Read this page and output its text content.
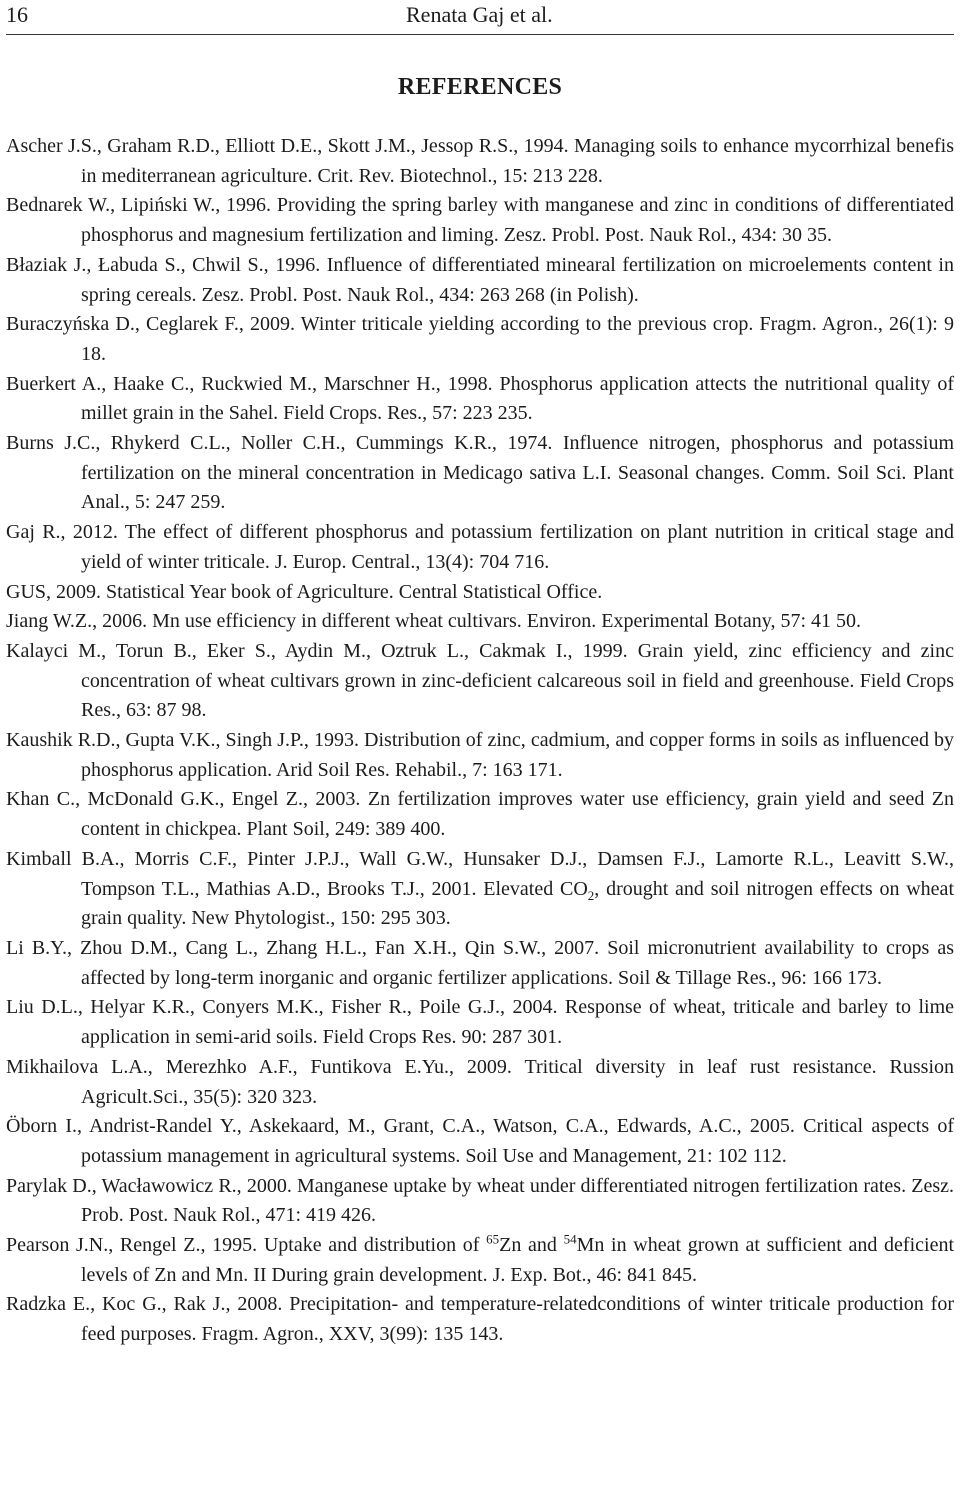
16	Renata Gaj et al.
REFERENCES

Ascher J.S., Graham R.D., Elliott D.E., Skott J.M., Jessop R.S., 1994. Managing soils to enhance mycorrhizal benefis in mediterranean agriculture. Crit. Rev. Biotechnol., 15: 213 228.

Bednarek W., Lipiński W., 1996. Providing the spring barley with manganese and zinc in conditions of differentiated phosphorus and magnesium fertilization and liming. Zesz. Probl. Post. Nauk Rol., 434: 30 35.

Błaziak J., Łabuda S., Chwil S., 1996. Influence of differentiated minearal fertilization on microelements content in spring cereals. Zesz. Probl. Post. Nauk Rol., 434: 263 268 (in Polish).

Buraczyńska D., Ceglarek F., 2009. Winter triticale yielding according to the previous crop. Fragm. Agron., 26(1): 9 18.

Buerkert A., Haake C., Ruckwied M., Marschner H., 1998. Phosphorus application attects the nutritional quality of millet grain in the Sahel. Field Crops. Res., 57: 223 235.

Burns J.C., Rhykerd C.L., Noller C.H., Cummings K.R., 1974. Influence nitrogen, phosphorus and potassium fertilization on the mineral concentration in Medicago sativa L.I. Seasonal changes. Comm. Soil Sci. Plant Anal., 5: 247 259.

Gaj R., 2012. The effect of different phosphorus and potassium fertilization on plant nutrition in critical stage and yield of winter triticale. J. Europ. Central., 13(4): 704 716.

GUS, 2009. Statistical Year book of Agriculture. Central Statistical Office.

Jiang W.Z., 2006. Mn use efficiency in different wheat cultivars. Environ. Experimental Botany, 57: 41 50.

Kalayci M., Torun B., Eker S., Aydin M., Oztruk L., Cakmak I., 1999. Grain yield, zinc efficiency and zinc concentration of wheat cultivars grown in zinc-deficient calcareous soil in field and greenhouse. Field Crops Res., 63: 87 98.

Kaushik R.D., Gupta V.K., Singh J.P., 1993. Distribution of zinc, cadmium, and copper forms in soils as influenced by phosphorus application. Arid Soil Res. Rehabil., 7: 163 171.

Khan C., McDonald G.K., Engel Z., 2003. Zn fertilization improves water use efficiency, grain yield and seed Zn content in chickpea. Plant Soil, 249: 389 400.

Kimball B.A., Morris C.F., Pinter J.P.J., Wall G.W., Hunsaker D.J., Damsen F.J., Lamorte R.L., Leavitt S.W., Tompson T.L., Mathias A.D., Brooks T.J., 2001. Elevated $CO_2$, drought and soil nitrogen effects on wheat grain quality. New Phytologist., 150: 295 303.

Li B.Y., Zhou D.M., Cang L., Zhang H.L., Fan X.H., Qin S.W., 2007. Soil micronutrient availability to crops as affected by long-term inorganic and organic fertilizer applications. Soil & Tillage Res., 96: 166 173.

Liu D.L., Helyar K.R., Conyers M.K., Fisher R., Poile G.J., 2004. Response of wheat, triticale and barley to lime application in semi-arid soils. Field Crops Res. 90: 287 301.

Mikhailova L.A., Merezhko A.F., Funtikova E.Yu., 2009. Tritical diversity in leaf rust resistance. Russion Agricult.Sci., 35(5): 320 323.

Öborn I., Andrist-Randel Y., Askekaard, M., Grant, C.A., Watson, C.A., Edwards, A.C., 2005. Critical aspects of potassium management in agricultural systems. Soil Use and Management, 21: 102 112.

Parylak D., Wacławowicz R., 2000. Manganese uptake by wheat under differentiated nitrogen fertilization rates. Zesz. Prob. Post. Nauk Rol., 471: 419 426.

Pearson J.N., Rengel Z., 1995. Uptake and distribution of $^{65}$Zn and $^{54}$Mn in wheat grown at sufficient and deficient levels of Zn and Mn. II During grain development. J. Exp. Bot., 46: 841 845.

Radzka E., Koc G., Rak J., 2008. Precipitation- and temperature-relatedconditions of winter triticale production for feed purposes. Fragm. Agron., XXV, 3(99): 135 143.
